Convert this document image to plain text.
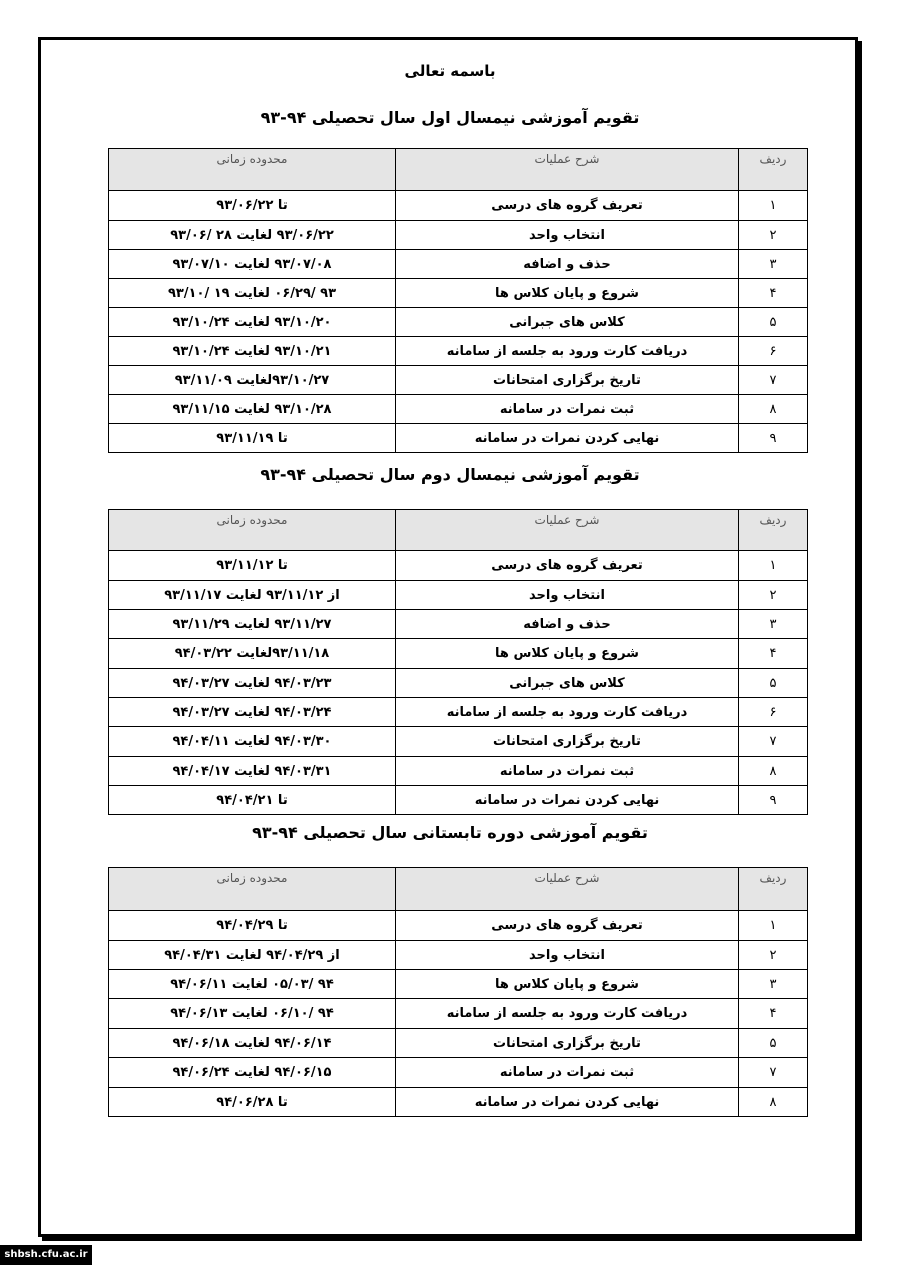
باسمه تعالی
تقویم آموزشی نیمسال اول سال تحصیلی ۹۴-۹۳
ردیف	شرح عملیات	محدوده زمانی
۱	تعریف گروه های درسی	تا ۹۳/۰۶/۲۲
۲	انتخاب واحد	۹۳/۰۶/۲۲ لغایت ۲۸ /۹۳/۰۶
۳	حذف و اضافه	۹۳/۰۷/۰۸ لغایت ۹۳/۰۷/۱۰
۴	شروع و پایان کلاس ها	۹۳ /۰۶/۲۹ لغایت ۱۹ /۹۳/۱۰
۵	کلاس های جبرانی	۹۳/۱۰/۲۰ لغایت ۹۳/۱۰/۲۴
۶	دریافت کارت ورود به جلسه از سامانه	۹۳/۱۰/۲۱ لغایت ۹۳/۱۰/۲۴
۷	تاریخ برگزاری امتحانات	۹۳/۱۰/۲۷لغایت ۹۳/۱۱/۰۹
۸	ثبت نمرات در سامانه	۹۳/۱۰/۲۸ لغایت ۹۳/۱۱/۱۵
۹	نهایی کردن نمرات در سامانه	تا ۹۳/۱۱/۱۹
تقویم آموزشی نیمسال دوم سال تحصیلی ۹۴-۹۳
ردیف	شرح عملیات	محدوده زمانی
۱	تعریف گروه های درسی	تا ۹۳/۱۱/۱۲
۲	انتخاب واحد	از ۹۳/۱۱/۱۲ لغایت ۹۳/۱۱/۱۷
۳	حذف و اضافه	۹۳/۱۱/۲۷ لغایت ۹۳/۱۱/۲۹
۴	شروع و پایان کلاس ها	۹۳/۱۱/۱۸لغایت ۹۴/۰۳/۲۲
۵	کلاس های جبرانی	۹۴/۰۳/۲۳ لغایت ۹۴/۰۳/۲۷
۶	دریافت کارت ورود به جلسه از سامانه	۹۴/۰۳/۲۴ لغایت ۹۴/۰۳/۲۷
۷	تاریخ برگزاری امتحانات	۹۴/۰۳/۳۰ لغایت ۹۴/۰۴/۱۱
۸	ثبت نمرات در سامانه	۹۴/۰۳/۳۱ لغایت ۹۴/۰۴/۱۷
۹	نهایی کردن نمرات در سامانه	تا ۹۴/۰۴/۲۱
تقویم آموزشی دوره تابستانی سال تحصیلی ۹۴-۹۳
ردیف	شرح عملیات	محدوده زمانی
۱	تعریف گروه های درسی	تا ۹۴/۰۴/۲۹
۲	انتخاب واحد	از ۹۴/۰۴/۲۹ لغایت ۹۴/۰۴/۳۱
۳	شروع و پایان کلاس ها	۹۴ /۰۵/۰۳ لغایت ۹۴/۰۶/۱۱
۴	دریافت کارت ورود به جلسه از سامانه	۹۴ /۰۶/۱۰ لغایت ۹۴/۰۶/۱۳
۵	تاریخ برگزاری امتحانات	۹۴/۰۶/۱۴ لغایت ۹۴/۰۶/۱۸
۷	ثبت نمرات در سامانه	۹۴/۰۶/۱۵ لغایت ۹۴/۰۶/۲۴
۸	نهایی کردن نمرات در سامانه	تا ۹۴/۰۶/۲۸
shbsh.cfu.ac.ir
